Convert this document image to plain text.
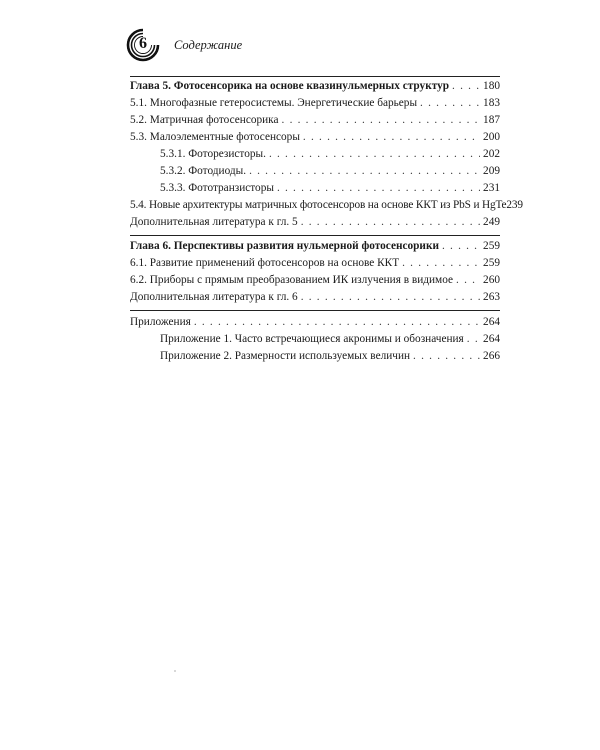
6 Содержание
Глава 5. Фотосенсорика на основе квазинульмерных структур . . .	180
5.1. Многофазные гетеросистемы. Энергетические барьеры . . .	183
5.2. Матричная фотосенсорика . . .	187
5.3. Малоэлементные фотосенсоры . . .	200
5.3.1. Фоторезисторы. . . .	202
5.3.2. Фотодиоды. . . .	209
5.3.3. Фототранзисторы . . .	231
5.4. Новые архитектуры матричных фотосенсоров на основе ККТ из PbS и HgTe 239
Дополнительная литература к гл. 5 . . .	249
Глава 6. Перспективы развития нульмерной фотосенсорики . . .	259
6.1. Развитие применений фотосенсоров на основе ККТ . . .	259
6.2. Приборы с прямым преобразованием ИК излучения в видимое . . .	260
Дополнительная литература к гл. 6 . . .	263
Приложения . . .	264
Приложение 1. Часто встречающиеся акронимы и обозначения . . . 264
Приложение 2. Размерности используемых величин . . .	266
